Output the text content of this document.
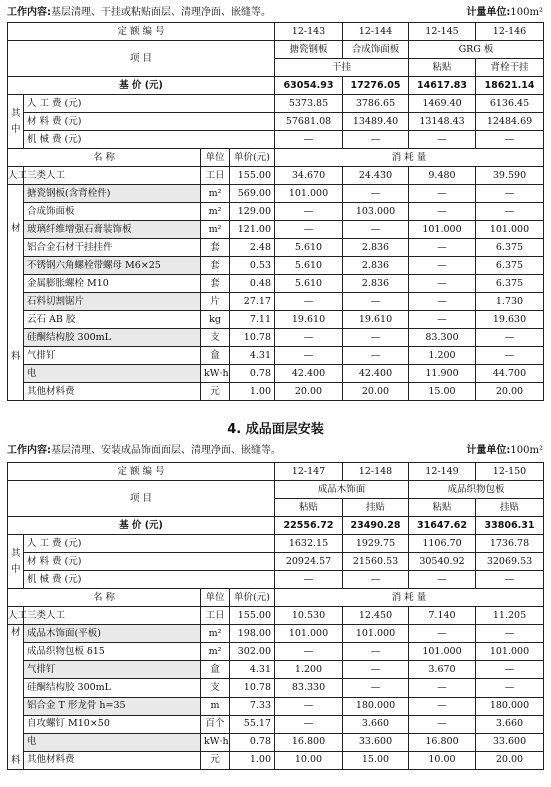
工作内容:基层清理、干挂或粘贴面层、清理净面、嵌缝等。	计量单位:100m²
定 额 编 号				12-143	12-144	12-145	12-146
项 目				搪瓷钢板	合成饰面板	GRG 板	
				干挂		粘贴	背栓干挂
基 价 (元)				63054.93	17276.05	14617.83	18621.14
其
中	人 工 费 (元)			5373.85	3786.65	1469.40	6136.45
	材 料 费 (元)			57681.08	13489.40	13148.43	12484.69
	机 械 费 (元)			—	—	—	—
名 称		单位	单价(元)	消 耗 量			
人工	三类人工	工日	155.00	34.670	24.430	9.480	39.590
材

料	搪瓷钢板(含背栓件)	m²	569.00	101.000	—	—	—
	合成饰面板	m²	129.00	—	103.000	—	—
	玻璃纤维增强石膏装饰板	m²	121.00	—	—	101.000	101.000
	铝合金石材干挂挂件	套	2.48	5.610	2.836	—	6.375
	不锈钢六角螺栓带螺母 M6×25	套	0.53	5.610	2.836	—	6.375
	金属膨胀螺栓 M10	套	0.48	5.610	2.836	—	6.375
	石料切割锯片	片	27.17	—	—	—	1.730
	云石 AB 胶	kg	7.11	19.610	19.610	—	19.630
	硅酮结构胶 300mL	支	10.78	—	—	83.300	—
	气排钉	盒	4.31	—	—	1.200	—
	电	kW·h	0.78	42.400	42.400	11.900	44.700
	其他材料费	元	1.00	20.00	20.00	15.00	20.00
4. 成品面层安装
工作内容:基层清理、安装成品饰面面层、清理净面、嵌缝等。	计量单位:100m²
定 额 编 号				12-147	12-148	12-149	12-150
项 目				成品木饰面		成品织物包板	
				粘贴	挂贴	粘贴	挂贴
基 价 (元)				22556.72	23490.28	31647.62	33806.31
其
中	人 工 费 (元)			1632.15	1929.75	1106.70	1736.78
	材 料 费 (元)			20924.57	21560.53	30540.92	32069.53
	机 械 费 (元)			—	—	—	—
名 称		单位	单价(元)	消 耗 量			
人工	三类人工	工日	155.00	10.530	12.450	7.140	11.205
材

料	成品木饰面(平板)	m²	198.00	101.000	101.000	—	—
	成品织物包板 δ15	m²	302.00	—	—	101.000	101.000
	气排钉	盒	4.31	1.200	—	3.670	—
	硅酮结构胶 300mL	支	10.78	83.330	—	—	—
	铝合金 T 形龙骨 h=35	m	7.33	—	180.000	—	180.000
	自攻螺钉 M10×50	百个	55.17	—	3.660	—	3.660
	电	kW·h	0.78	16.800	33.600	16.800	33.600
	其他材料费	元	1.00	10.00	15.00	10.00	20.00
